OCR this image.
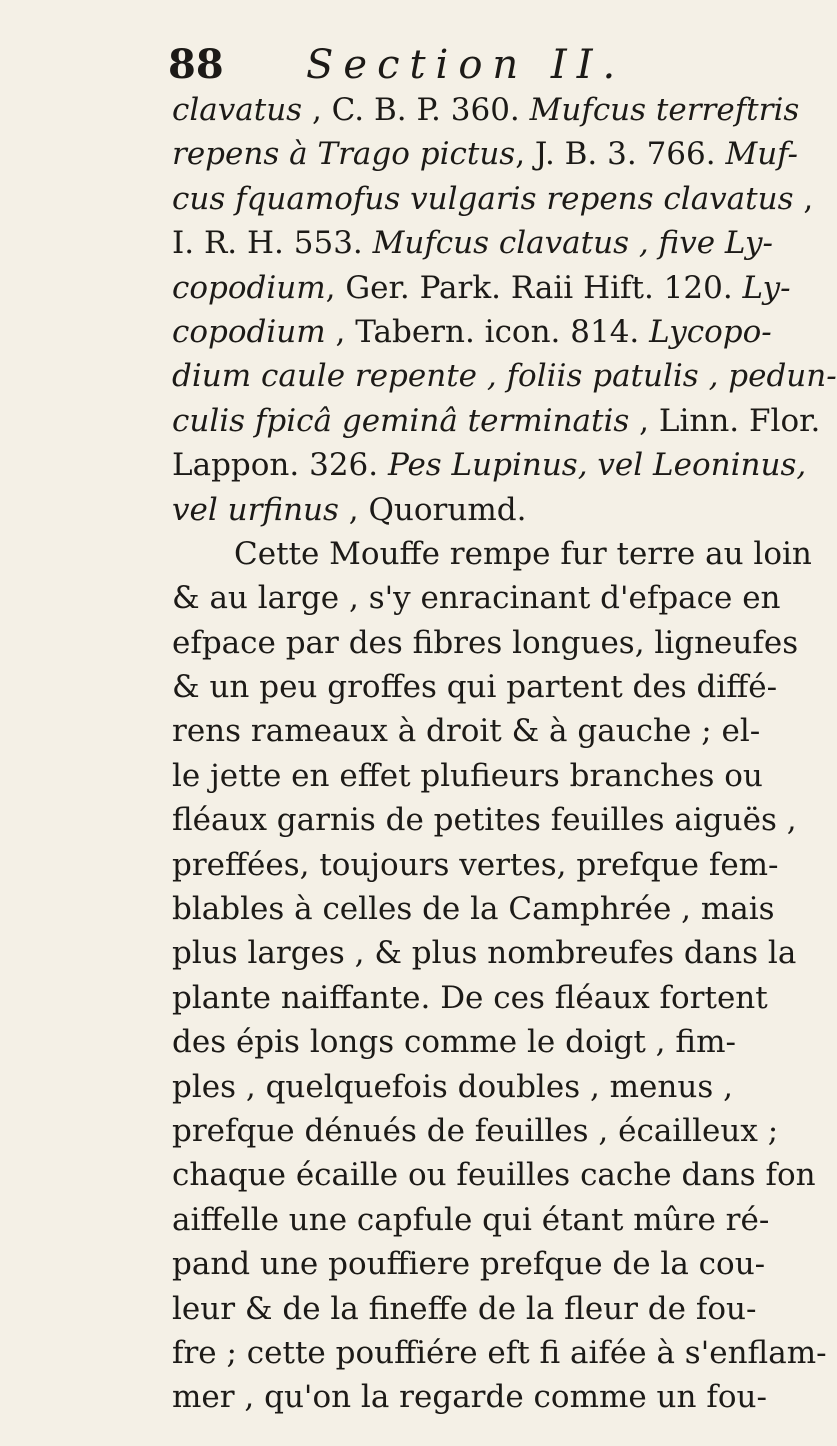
88 Section II.
clavatus , C. B. P. 360. Mufcus terreftris
repens à Trago pictus, J. B. 3. 766. Muf-
cus fquamofus vulgaris repens clavatus ,
I. R. H. 553. Mufcus clavatus , five Ly-
copodium, Ger. Park. Raii Hift. 120. Ly-
copodium , Tabern. icon. 814. Lycopo-
dium caule repente , foliis patulis , pedun-
culis fpicâ geminâ terminatis , Linn. Flor.
Lappon. 326. Pes Lupinus, vel Leoninus,
vel urfinus , Quorumd.
Cette Mouffe rempe fur terre au loin
& au large , s'y enracinant d'efpace en
efpace par des fibres longues, ligneufes
& un peu groffes qui partent des diffé-
rens rameaux à droit & à gauche ; el-
le jette en effet plufieurs branches ou
fléaux garnis de petites feuilles aiguës ,
preffées, toujours vertes, prefque fem-
blables à celles de la Camphrée , mais
plus larges , & plus nombreufes dans la
plante naiffante. De ces fléaux fortent
des épis longs comme le doigt , fim-
ples , quelquefois doubles , menus ,
prefque dénués de feuilles , écailleux ;
chaque écaille ou feuilles cache dans fon
aiffelle une capfule qui étant mûre ré-
pand une pouffiere prefque de la cou-
leur & de la fineffe de la fleur de fou-
fre ; cette pouffiére eft fi aifée à s'enflam-
mer , qu'on la regarde comme un fou-
